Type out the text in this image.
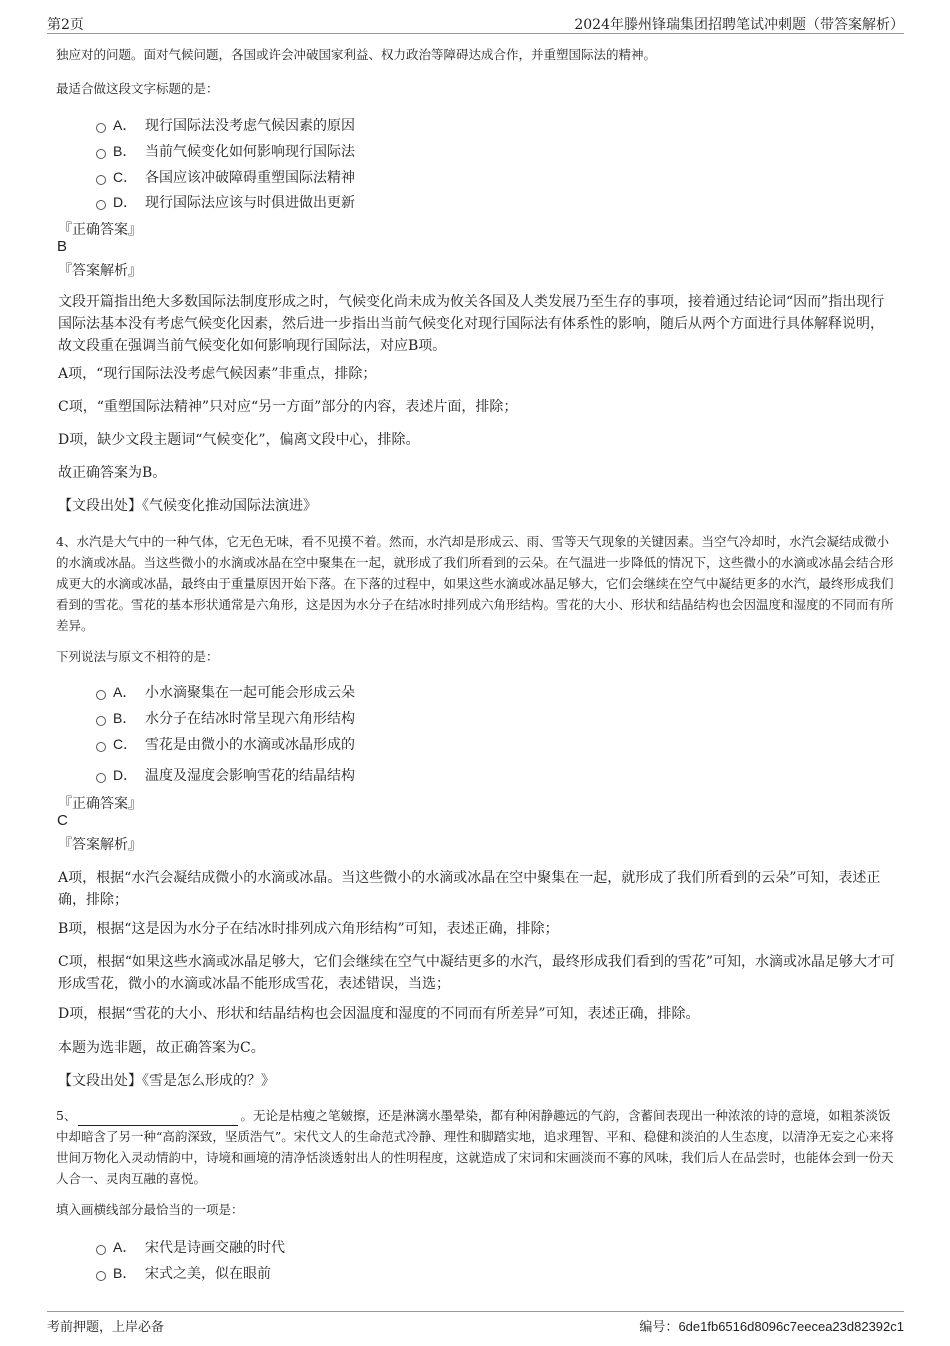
第2页	2024年滕州锋瑞集团招聘笔试冲刺题（带答案解析）
独应对的问题。面对气候问题，各国或许会冲破国家利益、权力政治等障碍达成合作，并重塑国际法的精神。
最适合做这段文字标题的是：
A． 现行国际法没考虑气候因素的原因
B． 当前气候变化如何影响现行国际法
C． 各国应该冲破障碍重塑国际法精神
D． 现行国际法应该与时俱进做出更新
『正确答案』
B
『答案解析』
文段开篇指出绝大多数国际法制度形成之时，气候变化尚未成为攸关各国及人类发展乃至生存的事项，接着通过结论词“因而”指出现行国际法基本没有考虑气候变化因素，然后进一步指出当前气候变化对现行国际法有体系性的影响，随后从两个方面进行具体解释说明，故文段重在强调当前气候变化如何影响现行国际法，对应B项。
A项，“现行国际法没考虑气候因素”非重点，排除；
C项，“重塑国际法精神”只对应“另一方面”部分的内容，表述片面，排除；
D项，缺少文段主题词“气候变化”，偏离文段中心，排除。
故正确答案为B。
【文段出处】《气候变化推动国际法演进》
4、水汽是大气中的一种气体，它无色无味，看不见摸不着。然而，水汽却是形成云、雨、雪等天气现象的关键因素。当空气冷却时，水汽会凝结成微小的水滴或冰晶。当这些微小的水滴或冰晶在空中聚集在一起，就形成了我们所看到的云朵。在气温进一步降低的情况下，这些微小的水滴或冰晶会结合形成更大的水滴或冰晶，最终由于重量原因开始下落。在下落的过程中，如果这些水滴或冰晶足够大，它们会继续在空气中凝结更多的水汽，最终形成我们看到的雪花。雪花的基本形状通常是六角形，这是因为水分子在结冰时排列成六角形结构。雪花的大小、形状和结晶结构也会因温度和湿度的不同而有所差异。
下列说法与原文不相符的是：
A． 小水滴聚集在一起可能会形成云朵
B． 水分子在结冰时常呈现六角形结构
C． 雪花是由微小的水滴或冰晶形成的
D． 温度及湿度会影响雪花的结晶结构
『正确答案』
C
『答案解析』
A项，根据“水汽会凝结成微小的水滴或冰晶。当这些微小的水滴或冰晶在空中聚集在一起，就形成了我们所看到的云朵”可知，表述正确，排除；
B项，根据“这是因为水分子在结冰时排列成六角形结构”可知，表述正确，排除；
C项，根据“如果这些水滴或冰晶足够大，它们会继续在空气中凝结更多的水汽，最终形成我们看到的雪花”可知，水滴或冰晶足够大才可形成雪花，微小的水滴或冰晶不能形成雪花，表述错误，当选；
D项，根据“雪花的大小、形状和结晶结构也会因温度和湿度的不同而有所差异”可知，表述正确，排除。
本题为选非题，故正确答案为C。
【文段出处】《雪是怎么形成的？》
5、	。无论是枯瘦之笔皴擦，还是淋漓水墨晕染，都有种闲静趣远的气韵，含蓄间表现出一种浓浓的诗的意境，如粗茶淡饭中却暗含了另一种“高韵深致，坚质浩气”。宋代文人的生命范式冷静、理性和脚踏实地，追求理智、平和、稳健和淡泊的人生态度，以清净无妄之心来将世间万物化入灵动情韵中，诗境和画境的清净恬淡透射出人的性明程度，这就造成了宋词和宋画淡而不寡的风味，我们后人在品尝时，也能体会到一份天人合一、灵肉互融的喜悦。
填入画横线部分最恰当的一项是：
A． 宋代是诗画交融的时代
B． 宋式之美，似在眼前
考前押题，上岸必备	编号：6de1fb6516d8096c7eecea23d82392c1
